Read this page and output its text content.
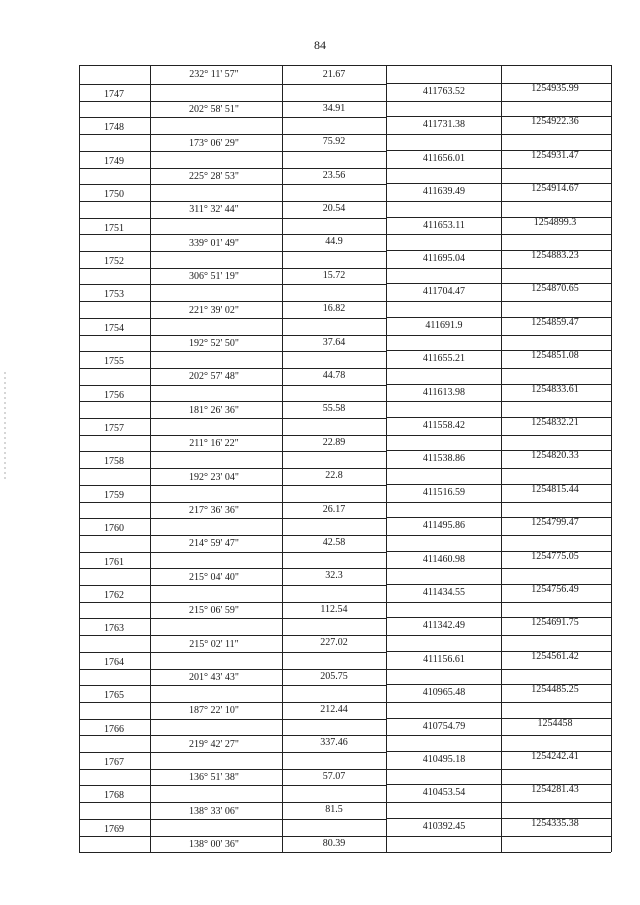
84
232° 11' 57"	21.67
1747	411763.52	1254935.99
202° 58' 51"	34.91
1748	411731.38	1254922.36
173° 06' 29"	75.92
1749	411656.01	1254931.47
225° 28' 53"	23.56
1750	411639.49	1254914.67
311° 32' 44"	20.54
1751	411653.11	1254899.3
339° 01' 49"	44.9
1752	411695.04	1254883.23
306° 51' 19"	15.72
1753	411704.47	1254870.65
221° 39' 02"	16.82
1754	411691.9	1254859.47
192° 52' 50"	37.64
1755	411655.21	1254851.08
202° 57' 48"	44.78
1756	411613.98	1254833.61
181° 26' 36"	55.58
1757	411558.42	1254832.21
211° 16' 22"	22.89
1758	411538.86	1254820.33
192° 23' 04"	22.8
1759	411516.59	1254815.44
217° 36' 36"	26.17
1760	411495.86	1254799.47
214° 59' 47"	42.58
1761	411460.98	1254775.05
215° 04' 40"	32.3
1762	411434.55	1254756.49
215° 06' 59"	112.54
1763	411342.49	1254691.75
215° 02' 11"	227.02
1764	411156.61	1254561.42
201° 43' 43"	205.75
1765	410965.48	1254485.25
187° 22' 10"	212.44
1766	410754.79	1254458
219° 42' 27"	337.46
1767	410495.18	1254242.41
136° 51' 38"	57.07
1768	410453.54	1254281.43
138° 33' 06"	81.5
1769	410392.45	1254335.38
138° 00' 36"	80.39
